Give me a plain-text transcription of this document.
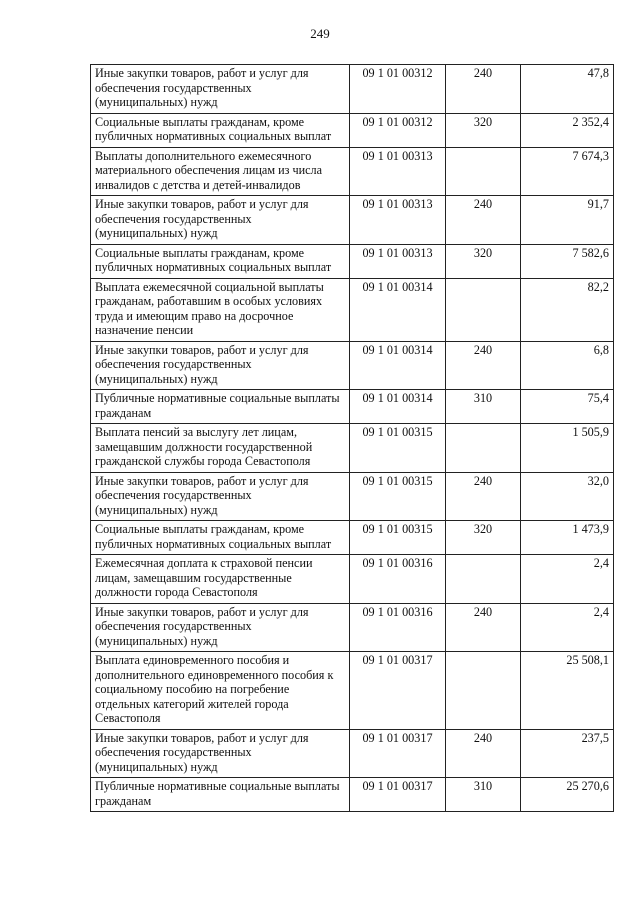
249
Иные закупки товаров, работ и услуг для обеспечения государственных (муниципальных) нужд	09 1 01 00312	240	47,8
Социальные выплаты гражданам, кроме публичных нормативных социальных выплат	09 1 01 00312	320	2 352,4
Выплаты дополнительного ежемесячного материального обеспечения лицам из числа инвалидов с детства и детей-инвалидов	09 1 01 00313		7 674,3
Иные закупки товаров, работ и услуг для обеспечения государственных (муниципальных) нужд	09 1 01 00313	240	91,7
Социальные выплаты гражданам, кроме публичных нормативных социальных выплат	09 1 01 00313	320	7 582,6
Выплата ежемесячной социальной выплаты гражданам, работавшим в особых условиях труда и имеющим право на досрочное назначение пенсии	09 1 01 00314		82,2
Иные закупки товаров, работ и услуг для обеспечения государственных (муниципальных) нужд	09 1 01 00314	240	6,8
Публичные нормативные социальные выплаты гражданам	09 1 01 00314	310	75,4
Выплата пенсий за выслугу лет лицам, замещавшим должности государственной гражданской службы города Севастополя	09 1 01 00315		1 505,9
Иные закупки товаров, работ и услуг для обеспечения государственных (муниципальных) нужд	09 1 01 00315	240	32,0
Социальные выплаты гражданам, кроме публичных нормативных социальных выплат	09 1 01 00315	320	1 473,9
Ежемесячная доплата к страховой пенсии лицам, замещавшим государственные должности города Севастополя	09 1 01 00316		2,4
Иные закупки товаров, работ и услуг для обеспечения государственных (муниципальных) нужд	09 1 01 00316	240	2,4
Выплата единовременного пособия и дополнительного единовременного пособия к социальному пособию на погребение отдельных категорий жителей города Севастополя	09 1 01 00317		25 508,1
Иные закупки товаров, работ и услуг для обеспечения государственных (муниципальных) нужд	09 1 01 00317	240	237,5
Публичные нормативные социальные выплаты гражданам	09 1 01 00317	310	25 270,6
